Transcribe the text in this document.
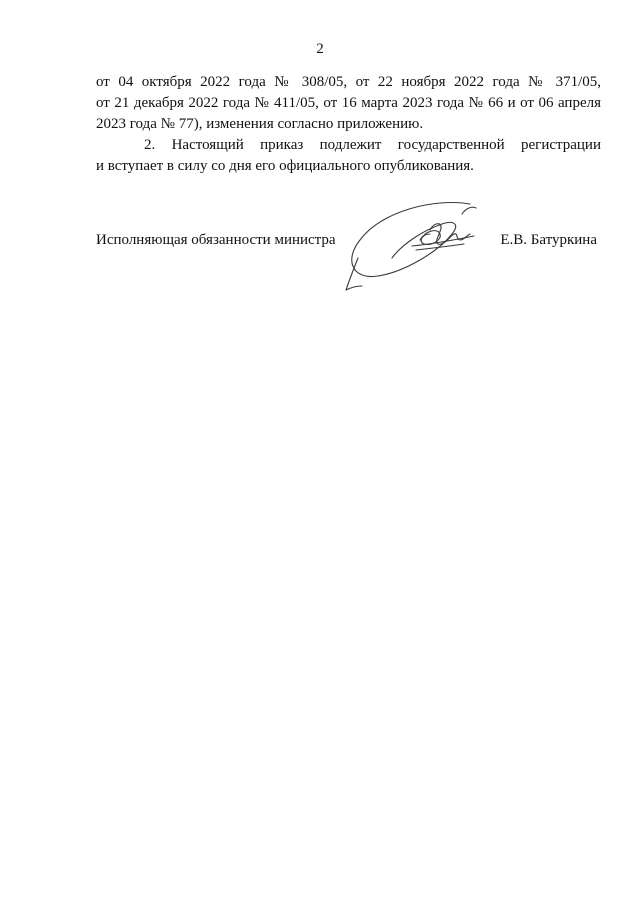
2
от 04 октября 2022 года № 308/05, от 22 ноября 2022 года № 371/05,
от 21 декабря 2022 года № 411/05, от 16 марта 2023 года № 66 и от 06 апреля
2023 года № 77), изменения согласно приложению.
2. Настоящий приказ подлежит государственной регистрации
и вступает в силу со дня его официального опубликования.
Исполняющая обязанности министра	Е.В. Батуркина
